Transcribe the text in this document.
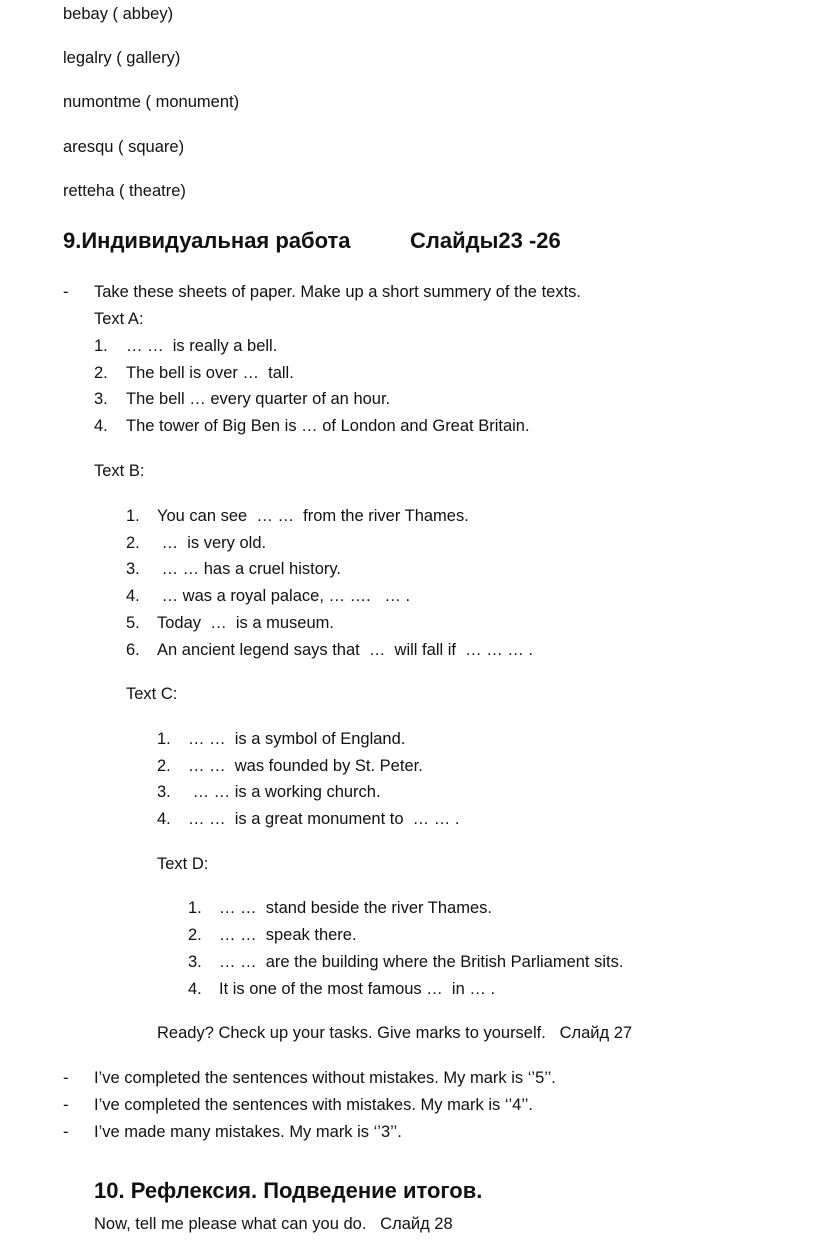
bebay ( abbey)
legalry ( gallery)
numontme ( monument)
aresqu ( square)
retteha ( theatre)
9.Индивидуальная работа	Слайды23 -26
- Take these sheets of paper. Make up a short summery of the texts.
Text A:
1. … …  is really a bell.
2. The bell is over …  tall.
3. The bell … every quarter of an hour.
4. The tower of Big Ben is … of London and Great Britain.
Text B:
1. You can see  … …  from the river Thames.
2. …  is very old.
3. … … has a cruel history.
4. … was a royal palace, … ….   … .
5. Today  …  is a museum.
6. An ancient legend says that  …  will fall if  … … … .
Text C:
1. … …  is a symbol of England.
2. … …  was founded by St. Peter.
3. … … is a working church.
4. … …  is a great monument to  … … .
Text D:
1. … …  stand beside the river Thames.
2. … …  speak there.
3. … …  are the building where the British Parliament sits.
4. It is one of the most famous …  in … .
Ready? Check up your tasks. Give marks to yourself.   Слайд 27
- I’ve completed the sentences without mistakes. My mark is ‘’5’’.
- I’ve completed the sentences with mistakes. My mark is ‘’4’’.
- I’ve made many mistakes. My mark is ‘’3’’.
10. Рефлексия. Подведение итогов.
Now, tell me please what can you do.   Слайд 28
